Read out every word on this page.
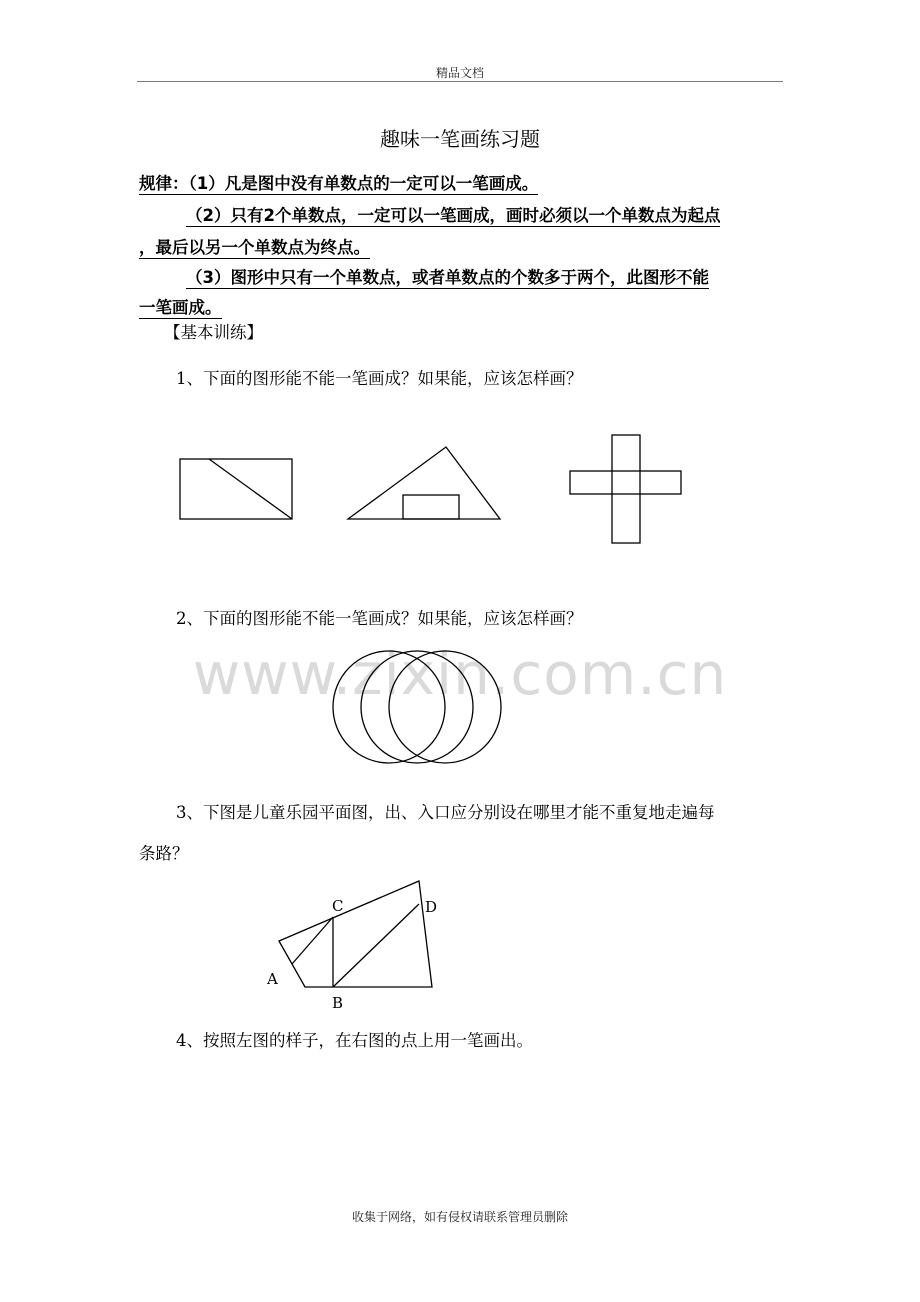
精品文档
趣味一笔画练习题
规律：（1）凡是图中没有单数点的一定可以一笔画成。
（2）只有2个单数点，一定可以一笔画成，画时必须以一个单数点为起点
，最后以另一个单数点为终点。
（3）图形中只有一个单数点，或者单数点的个数多于两个，此图形不能
一笔画成。
【基本训练】
1、下面的图形能不能一笔画成？如果能，应该怎样画？
www.zixin.com.cn
2、下面的图形能不能一笔画成？如果能，应该怎样画？
3、下图是儿童乐园平面图，出、入口应分别设在哪里才能不重复地走遍每
条路？
4、按照左图的样子，在右图的点上用一笔画出。
收集于网络，如有侵权请联系管理员删除
A
B
C	D
